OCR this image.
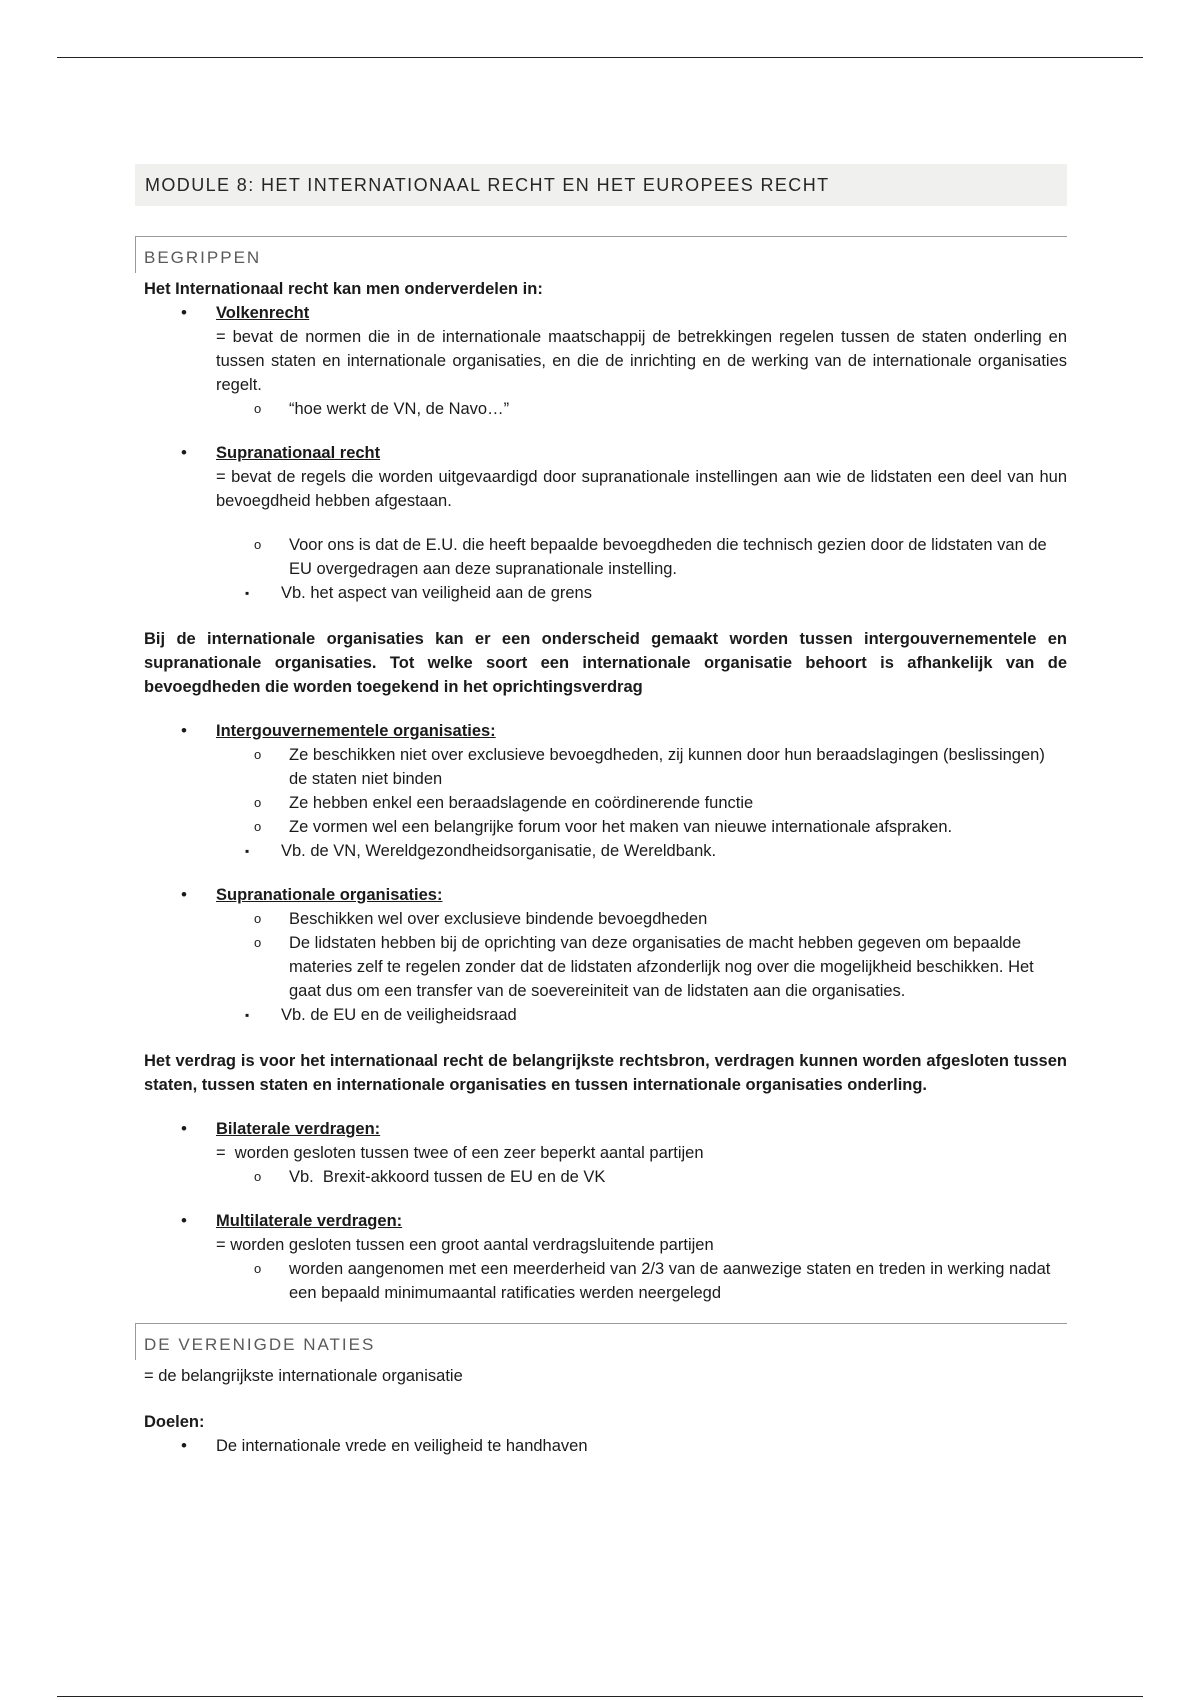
MODULE 8: HET INTERNATIONAAL RECHT EN HET EUROPEES RECHT
BEGRIPPEN

Het Internationaal recht kan men onderverdelen in:

• Volkenrecht
= bevat de normen die in de internationale maatschappij de betrekkingen regelen tussen de staten onderling en tussen staten en internationale organisaties, en die de inrichting en de werking van de internationale organisaties regelt.
o “hoe werkt de VN, de Navo…”
• Supranationaal recht
= bevat de regels die worden uitgevaardigd door supranationale instellingen aan wie de lidstaten een deel van hun bevoegdheid hebben afgestaan.
o Voor ons is dat de E.U. die heeft bepaalde bevoegdheden die technisch gezien door de lidstaten van de EU overgedragen aan deze supranationale instelling.
▪ Vb. het aspect van veiligheid aan de grens

Bij de internationale organisaties kan er een onderscheid gemaakt worden tussen intergouvernementele en supranationale organisaties. Tot welke soort een internationale organisatie behoort is afhankelijk van de bevoegdheden die worden toegekend in het oprichtingsverdrag

• Intergouvernementele organisaties:
o Ze beschikken niet over exclusieve bevoegdheden, zij kunnen door hun beraadslagingen (beslissingen) de staten niet binden
o Ze hebben enkel een beraadslagende en coördinerende functie
o Ze vormen wel een belangrijke forum voor het maken van nieuwe internationale afspraken.
▪ Vb. de VN, Wereldgezondheidsorganisatie, de Wereldbank.
• Supranationale organisaties:
o Beschikken wel over exclusieve bindende bevoegdheden
o De lidstaten hebben bij de oprichting van deze organisaties de macht hebben gegeven om bepaalde materies zelf te regelen zonder dat de lidstaten afzonderlijk nog over die mogelijkheid beschikken. Het gaat dus om een transfer van de soevereiniteit van de lidstaten aan die organisaties.
▪ Vb. de EU en de veiligheidsraad

Het verdrag is voor het internationaal recht de belangrijkste rechtsbron, verdragen kunnen worden afgesloten tussen staten, tussen staten en internationale organisaties en tussen internationale organisaties onderling.

• Bilaterale verdragen:
=  worden gesloten tussen twee of een zeer beperkt aantal partijen
o Vb.  Brexit-akkoord tussen de EU en de VK
• Multilaterale verdragen:
= worden gesloten tussen een groot aantal verdragsluitende partijen
o worden aangenomen met een meerderheid van 2/3 van de aanwezige staten en treden in werking nadat een bepaald minimumaantal ratificaties werden neergelegd
DE VERENIGDE NATIES

= de belangrijkste internationale organisatie

Doelen:

• De internationale vrede en veiligheid te handhaven
